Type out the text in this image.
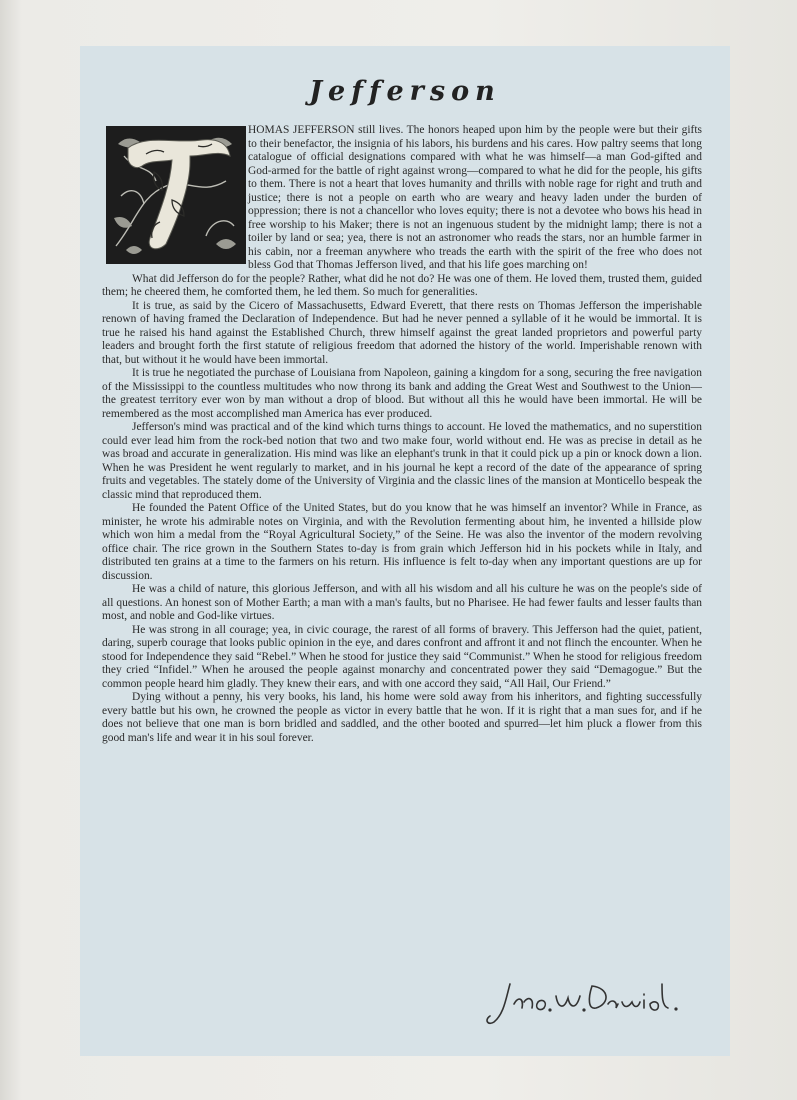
Jefferson

HOMAS JEFFERSON still lives. The honors heaped upon him by the people were but their gifts to their benefactor, the insignia of his labors, his burdens and his cares. How paltry seems that long catalogue of official designations compared with what he was himself—a man God-gifted and God-armed for the battle of right against wrong—compared to what he did for the people, his gifts to them. There is not a heart that loves humanity and thrills with noble rage for right and truth and justice; there is not a people on earth who are weary and heavy laden under the burden of oppression; there is not a chancellor who loves equity; there is not a devotee who bows his head in free worship to his Maker; there is not an ingenuous student by the midnight lamp; there is not a toiler by land or sea; yea, there is not an astronomer who reads the stars, nor an humble farmer in his cabin, nor a freeman anywhere who treads the earth with the spirit of the free who does not bless God that Thomas Jefferson lived, and that his life goes marching on!

What did Jefferson do for the people? Rather, what did he not do? He was one of them. He loved them, trusted them, guided them; he cheered them, he comforted them, he led them. So much for generalities.

It is true, as said by the Cicero of Massachusetts, Edward Everett, that there rests on Thomas Jefferson the imperishable renown of having framed the Declaration of Independence. But had he never penned a syllable of it he would be immortal. It is true he raised his hand against the Established Church, threw himself against the great landed proprietors and powerful party leaders and brought forth the first statute of religious freedom that adorned the history of the world. Imperishable renown with that, but without it he would have been immortal.

It is true he negotiated the purchase of Louisiana from Napoleon, gaining a kingdom for a song, securing the free navigation of the Mississippi to the countless multitudes who now throng its bank and adding the Great West and Southwest to the Union—the greatest territory ever won by man without a drop of blood. But without all this he would have been immortal. He will be remembered as the most accomplished man America has ever produced.

Jefferson's mind was practical and of the kind which turns things to account. He loved the mathematics, and no superstition could ever lead him from the rock-bed notion that two and two make four, world without end. He was as precise in detail as he was broad and accurate in generalization. His mind was like an elephant's trunk in that it could pick up a pin or knock down a lion. When he was President he went regularly to market, and in his journal he kept a record of the date of the appearance of spring fruits and vegetables. The stately dome of the University of Virginia and the classic lines of the mansion at Monticello bespeak the classic mind that reproduced them.

He founded the Patent Office of the United States, but do you know that he was himself an inventor? While in France, as minister, he wrote his admirable notes on Virginia, and with the Revolution fermenting about him, he invented a hillside plow which won him a medal from the “Royal Agricultural Society,” of the Seine. He was also the inventor of the modern revolving office chair. The rice grown in the Southern States to-day is from grain which Jefferson hid in his pockets while in Italy, and distributed ten grains at a time to the farmers on his return. His influence is felt to-day when any important questions are up for discussion.

He was a child of nature, this glorious Jefferson, and with all his wisdom and all his culture he was on the people's side of all questions. An honest son of Mother Earth; a man with a man's faults, but no Pharisee. He had fewer faults and lesser faults than most, and noble and God-like virtues.

He was strong in all courage; yea, in civic courage, the rarest of all forms of bravery. This Jefferson had the quiet, patient, daring, superb courage that looks public opinion in the eye, and dares confront and affront it and not flinch the encounter. When he stood for Independence they said “Rebel.” When he stood for justice they said “Communist.” When he stood for religious freedom they cried “Infidel.” When he aroused the people against monarchy and concentrated power they said “Demagogue.” But the common people heard him gladly. They knew their ears, and with one accord they said, “All Hail, Our Friend.”

Dying without a penny, his very books, his land, his home were sold away from his inheritors, and fighting successfully every battle but his own, he crowned the people as victor in every battle that he won. If it is right that a man sues for, and if he does not believe that one man is born bridled and saddled, and the other booted and spurred—let him pluck a flower from this good man's life and wear it in his soul forever.
